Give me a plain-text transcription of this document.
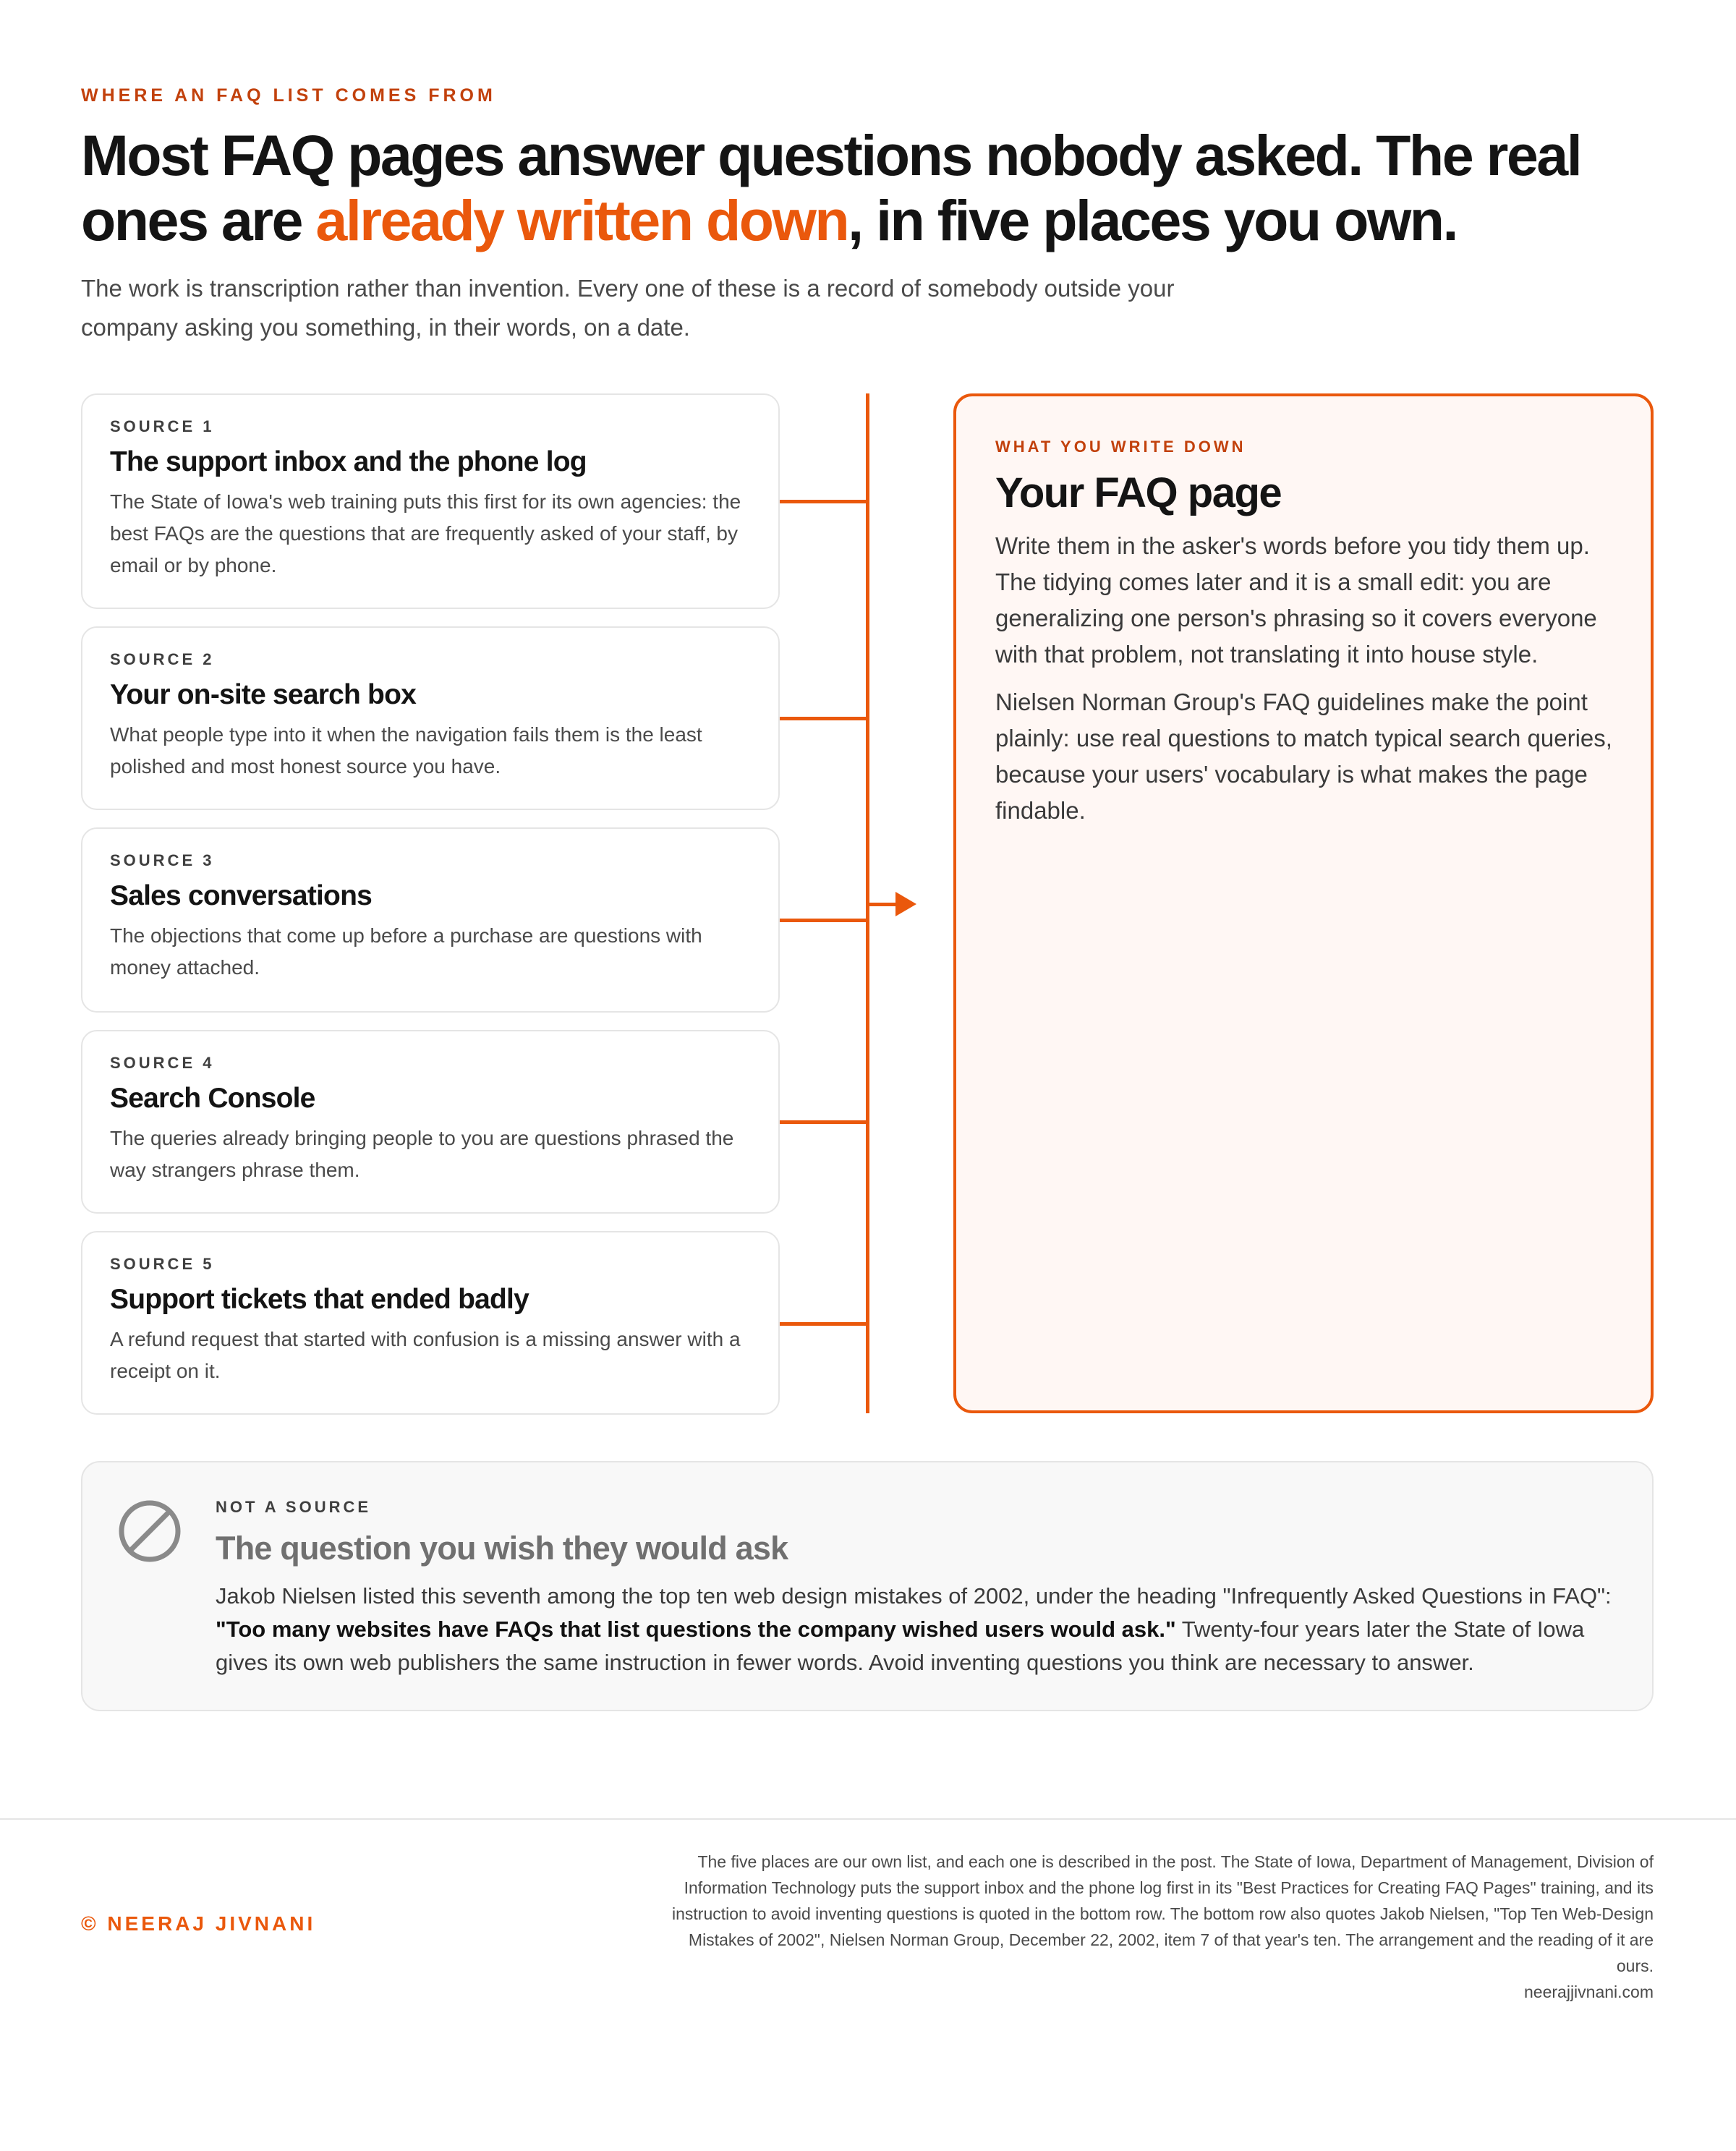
WHERE AN FAQ LIST COMES FROM
Most FAQ pages answer questions nobody asked. The real ones are already written down, in five places you own.

The work is transcription rather than invention. Every one of these is a record of somebody outside your company asking you something, in their words, on a date.

SOURCE 1
The support inbox and the phone log
The State of Iowa's web training puts this first for its own agencies: the best FAQs are the questions that are frequently asked of your staff, by email or by phone.
SOURCE 2
Your on-site search box
What people type into it when the navigation fails them is the least polished and most honest source you have.
SOURCE 3
Sales conversations
The objections that come up before a purchase are questions with money attached.
SOURCE 4
Search Console
The queries already bringing people to you are questions phrased the way strangers phrase them.
SOURCE 5
Support tickets that ended badly
A refund request that started with confusion is a missing answer with a receipt on it.
WHAT YOU WRITE DOWN
Your FAQ page

Write them in the asker's words before you tidy them up. The tidying comes later and it is a small edit: you are generalizing one person's phrasing so it covers everyone with that problem, not translating it into house style.

Nielsen Norman Group's FAQ guidelines make the point plainly: use real questions to match typical search queries, because your users' vocabulary is what makes the page findable.

NOT A SOURCE
The question you wish they would ask
Jakob Nielsen listed this seventh among the top ten web design mistakes of 2002, under the heading "Infrequently Asked Questions in FAQ": "Too many websites have FAQs that list questions the company wished users would ask." Twenty-four years later the State of Iowa gives its own web publishers the same instruction in fewer words. Avoid inventing questions you think are necessary to answer.
© NEERAJ JIVNANI
The five places are our own list, and each one is described in the post. The State of Iowa, Department of Management, Division of Information Technology puts the support inbox and the phone log first in its "Best Practices for Creating FAQ Pages" training, and its instruction to avoid inventing questions is quoted in the bottom row. The bottom row also quotes Jakob Nielsen, "Top Ten Web-Design Mistakes of 2002", Nielsen Norman Group, December 22, 2002, item 7 of that year's ten. The arrangement and the reading of it are ours.
neerajjivnani.com
